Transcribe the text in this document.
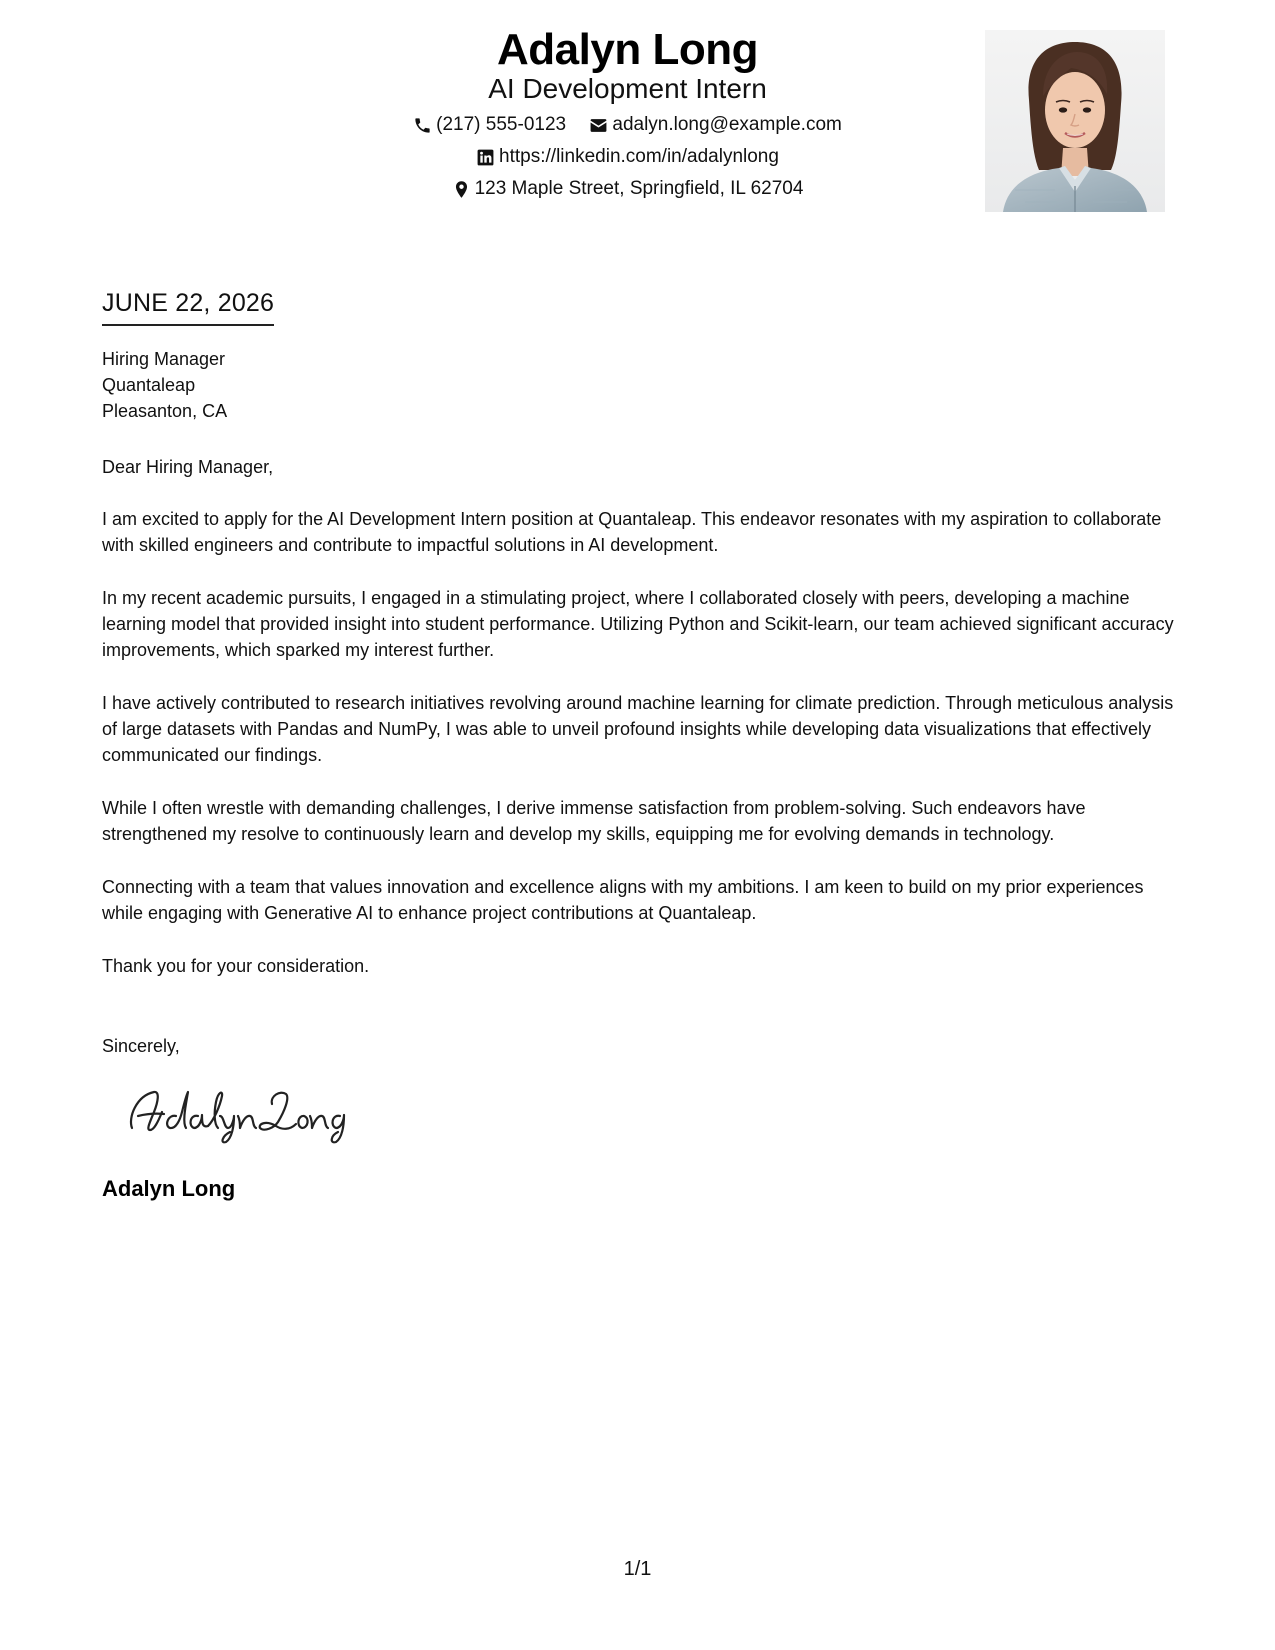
Adalyn Long
AI Development Intern
(217) 555-0123
adalyn.long@example.com
https://linkedin.com/in/adalynlong
123 Maple Street, Springfield, IL 62704
JUNE 22, 2026
Hiring Manager
Quantaleap
Pleasanton, CA
Dear Hiring Manager,

I am excited to apply for the AI Development Intern position at Quantaleap. This endeavor resonates with my aspiration to collaborate with skilled engineers and contribute to impactful solutions in AI development.

In my recent academic pursuits, I engaged in a stimulating project, where I collaborated closely with peers, developing a machine learning model that provided insight into student performance. Utilizing Python and Scikit-learn, our team achieved significant accuracy improvements, which sparked my interest further.

I have actively contributed to research initiatives revolving around machine learning for climate prediction. Through meticulous analysis of large datasets with Pandas and NumPy, I was able to unveil profound insights while developing data visualizations that effectively communicated our findings.

While I often wrestle with demanding challenges, I derive immense satisfaction from problem-solving. Such endeavors have strengthened my resolve to continuously learn and develop my skills, equipping me for evolving demands in technology.

Connecting with a team that values innovation and excellence aligns with my ambitions. I am keen to build on my prior experiences while engaging with Generative AI to enhance project contributions at Quantaleap.

Thank you for your consideration.
Sincerely,
Adalyn Long
1/1
